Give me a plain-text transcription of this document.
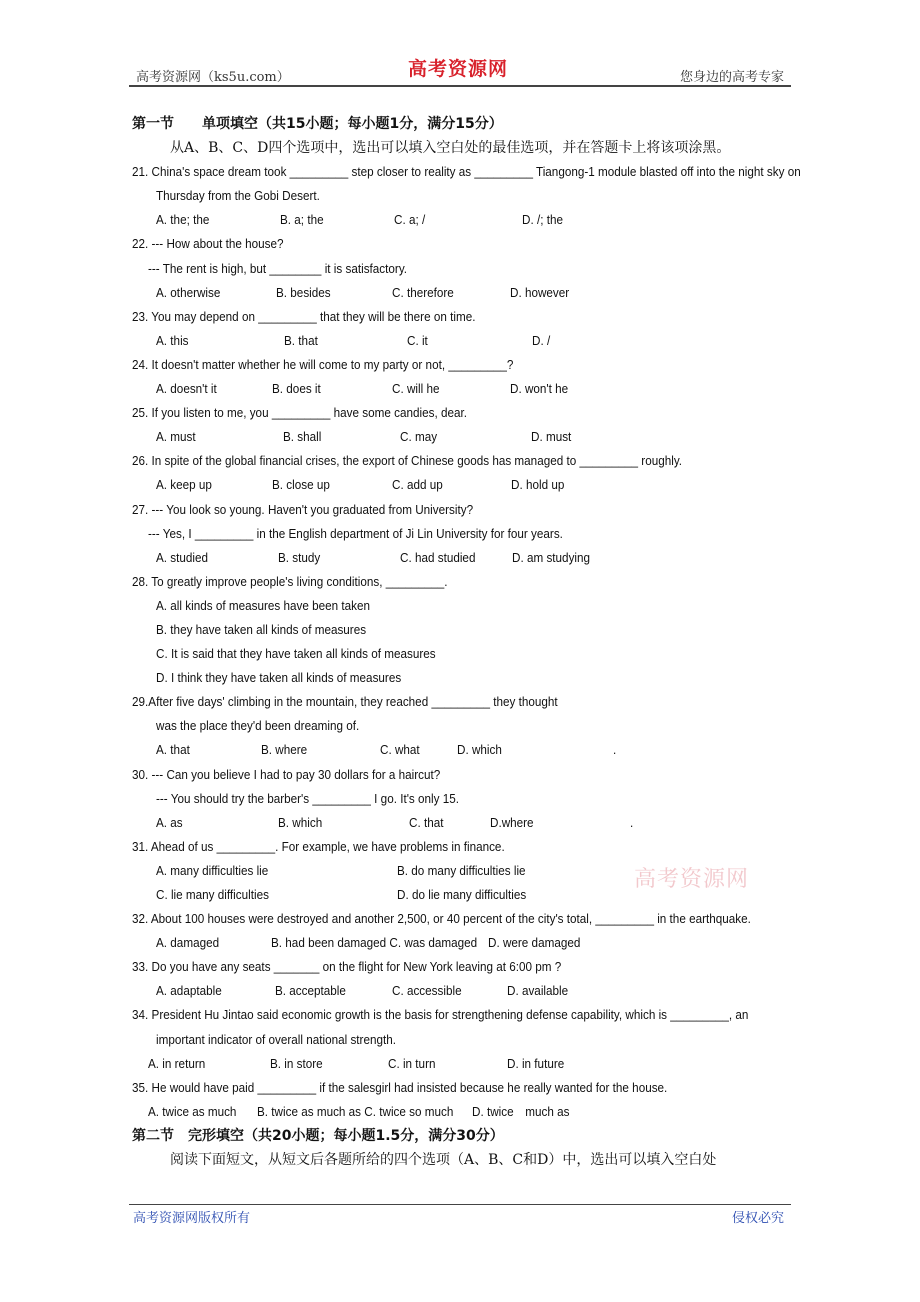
高考资源网（ks5u.com）	高考资源网	您身边的高考专家
第一节　　单项填空（共15小题；每小题1分，满分15分）
从A、B、C、D四个选项中，选出可以填入空白处的最佳选项，并在答题卡上将该项涂黑。
21. China's space dream took _________ step closer to reality as _________ Tiangong-1 module blasted off into the night sky on
Thursday from the Gobi Desert.
A. the; the	B. a; the	C. a; /	D. /; the
22. --- How about the house?
--- The rent is high, but ________ it is satisfactory.
A. otherwise	B. besides	C. therefore	D. however
23. You may depend on _________ that they will be there on time.
A. this	B. that	C. it	D. /
24. It doesn't matter whether he will come to my party or not, _________?
A. doesn't it	B. does it	C. will he	D. won't he
25. If you listen to me, you _________ have some candies, dear.
A. must	B. shall	C. may	D. must
26. In spite of the global financial crises, the export of Chinese goods has managed to _________ roughly.
A. keep up	B. close up	C. add up	D. hold up
27. --- You look so young. Haven't you graduated from University?
--- Yes, I _________ in the English department of Ji Lin University for four years.
A. studied	B. study	C. had studied	D. am studying
28. To greatly improve people's living conditions, _________.
A. all kinds of measures have been taken
B. they have taken all kinds of measures
C. It is said that they have taken all kinds of measures
D. I think they have taken all kinds of measures
29.After five days' climbing in the mountain, they reached _________ they thought
was the place they'd been dreaming of.
A. that	B. where	C. what	D. which	.
30. --- Can you believe I had to pay 30 dollars for a haircut?
--- You should try the barber's _________ I go. It's only 15.
A. as	B. which	C. that	D.where	.
31. Ahead of us _________. For example, we have problems in finance.
A. many difficulties lie	B. do many difficulties lie
C. lie many difficulties	D. do lie many difficulties
32. About 100 houses were destroyed and another 2,500, or 40 percent of the city's total, _________ in the earthquake.
A. damaged	B. had been damaged C. was damaged D. were damaged
33. Do you have any seats _______ on the flight for New York leaving at 6:00 pm ?
A. adaptable	B. acceptable	C. accessible	D. available
34. President Hu Jintao said economic growth is the basis for strengthening defense capability, which is _________, an
important indicator of overall national strength.
A. in return	B. in store	C. in turn	D. in future
35. He would have paid _________ if the salesgirl had insisted because he really wanted for the house.
A. twice as much B. twice as much as C. twice so much D. twice　much as
第二节　完形填空（共20小题；每小题1.5分，满分30分）
阅读下面短文，从短文后各题所给的四个选项（A、B、C和D）中，选出可以填入空白处
高考资源网
高考资源网版权所有	侵权必究
